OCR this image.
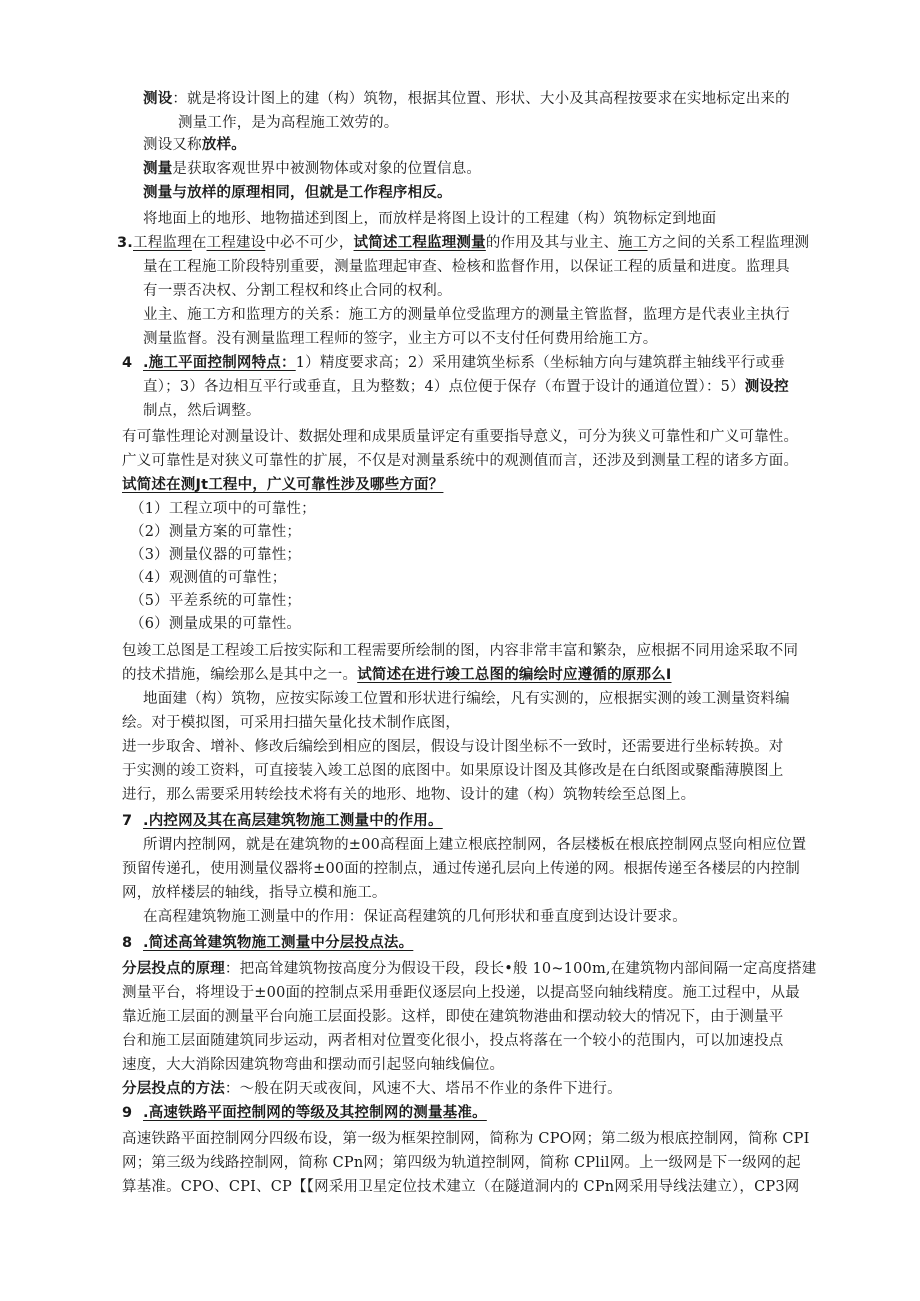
测设：就是将设计图上的建（构）筑物，根据其位置、形状、大小及其高程按要求在实地标定出来的
测量工作，是为高程施工效劳的。
测设又称放样。
测量是获取客观世界中被测物体或对象的位置信息。
测量与放样的原理相同，但就是工作程序相反。
将地面上的地形、地物描述到图上，而放样是将图上设计的工程建（构）筑物标定到地面
3.工程监理在工程建设中必不可少，试简述工程监理测量的作用及其与业主、施工方之间的关系工程监理测
量在工程施工阶段特别重要，测量监理起审查、检核和监督作用，以保证工程的质量和进度。监理具
有一票否决权、分割工程权和终止合同的权利。
业主、施工方和监理方的关系：施工方的测量单位受监理方的测量主管监督，监理方是代表业主执行
测量监督。没有测量监理工程师的签字，业主方可以不支付任何费用给施工方。
4 .施工平面控制网特点：1）精度要求高；2）采用建筑坐标系（坐标轴方向与建筑群主轴线平行或垂
直）；3）各边相互平行或垂直，且为整数；4）点位便于保存（布置于设计的通道位置）：5）测设控
制点，然后调整。
有可靠性理论对测量设计、数据处理和成果质量评定有重要指导意义，可分为狭义可靠性和广义可靠性。
广义可靠性是对狭义可靠性的扩展，不仅是对测量系统中的观测值而言，还涉及到测量工程的诸多方面。
试简述在测Jt工程中，广义可靠性涉及哪些方面？
（1）工程立项中的可靠性；
（2）测量方案的可靠性；
（3）测量仪器的可靠性；
（4）观测值的可靠性；
（5）平差系统的可靠性；
（6）测量成果的可靠性。
包竣工总图是工程竣工后按实际和工程需要所绘制的图，内容非常丰富和繁杂，应根据不同用途采取不同
的技术措施，编绘那么是其中之一。试简述在进行竣工总图的编绘时应遵循的原那么I
地面建（构）筑物，应按实际竣工位置和形状进行编绘，凡有实测的，应根据实测的竣工测量资料编
绘。对于模拟图，可采用扫描矢量化技术制作底图，
进一步取舍、增补、修改后编绘到相应的图层，假设与设计图坐标不一致时，还需要进行坐标转换。对
于实测的竣工资料，可直接装入竣工总图的底图中。如果原设计图及其修改是在白纸图或聚酯薄膜图上
进行，那么需要采用转绘技术将有关的地形、地物、设计的建（构）筑物转绘至总图上。
7 .内控网及其在高层建筑物施工测量中的作用。
所谓内控制网，就是在建筑物的±00高程面上建立根底控制网，各层楼板在根底控制网点竖向相应位置
预留传递孔，使用测量仪器将±00面的控制点，通过传递孔层向上传递的网。根据传递至各楼层的内控制
网，放样楼层的轴线，指导立模和施工。
在高程建筑物施工测量中的作用：保证高程建筑的几何形状和垂直度到达设计要求。
8 .简述高耸建筑物施工测量中分层投点法。
分层投点的原理：把高耸建筑物按高度分为假设干段，段长•般 10~100m,在建筑物内部间隔一定高度搭建
测量平台，将埋设于±00面的控制点采用垂距仪逐层向上投递，以提高竖向轴线精度。施工过程中，从最
靠近施工层面的测量平台向施工层面投影。这样，即使在建筑物港曲和摆动较大的情况下，由于测量平
台和施工层面随建筑同步运动，两者相对位置变化很小，投点将落在一个较小的范围内，可以加速投点
速度，大大消除因建筑物弯曲和摆动而引起竖向轴线偏位。
分层投点的方法：～般在阴天或夜间，风速不大、塔吊不作业的条件下进行。
9 .高速铁路平面控制网的等级及其控制网的测量基准。
高速铁路平面控制网分四级布设，第一级为框架控制网，简称为 CPO网；第二级为根底控制网，简称 CPI
网；第三级为线路控制网，简称 CPn网；第四级为轨道控制网，简称 CPlil网。上一级网是下一级网的起
算基准。CPO、CPI、CP【【网采用卫星定位技术建立（在隧道洞内的 CPn网采用导线法建立），CP3网
